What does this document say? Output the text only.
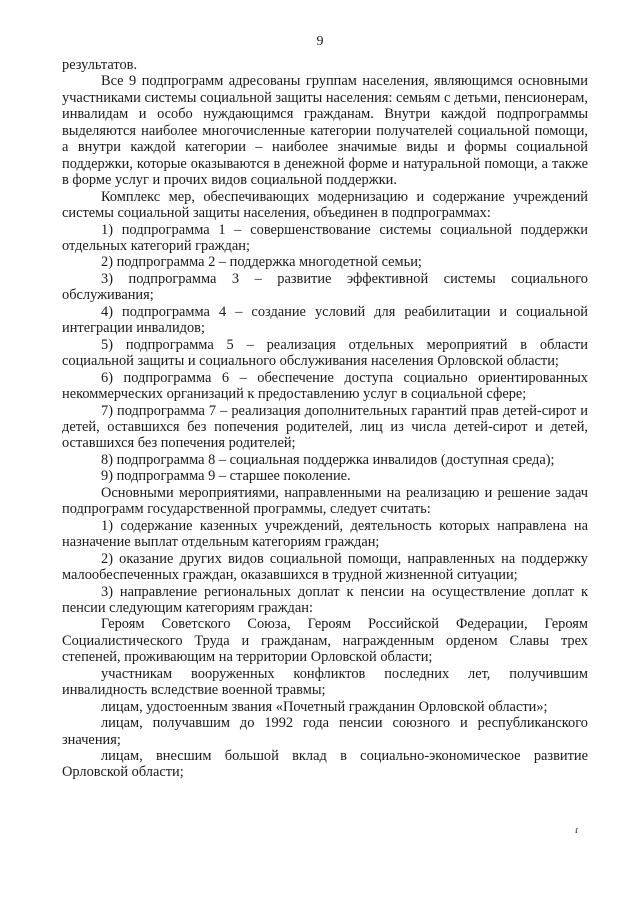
9

результатов.

Все 9 подпрограмм адресованы группам населения, являющимся основными участниками системы социальной защиты населения: семьям с детьми, пенсионерам, инвалидам и особо нуждающимся гражданам. Внутри каждой подпрограммы выделяются наиболее многочисленные категории получателей социальной помощи, а внутри каждой категории – наиболее значимые виды и формы социальной поддержки, которые оказываются в денежной форме и натуральной помощи, а также в форме услуг и прочих видов социальной поддержки.

Комплекс мер, обеспечивающих модернизацию и содержание учреждений системы социальной защиты населения, объединен в подпрограммах:

1) подпрограмма 1 – совершенствование системы социальной поддержки отдельных категорий граждан;

2) подпрограмма 2 – поддержка многодетной семьи;

3) подпрограмма 3 – развитие эффективной системы социального обслуживания;

4) подпрограмма 4 – создание условий для реабилитации и социальной интеграции инвалидов;

5) подпрограмма 5 – реализация отдельных мероприятий в области социальной защиты и социального обслуживания населения Орловской области;

6) подпрограмма 6 – обеспечение доступа социально ориентированных некоммерческих организаций к предоставлению услуг в социальной сфере;

7) подпрограмма 7 – реализация дополнительных гарантий прав детей-сирот и детей, оставшихся без попечения родителей, лиц из числа детей-сирот и детей, оставшихся без попечения родителей;

8) подпрограмма 8 – социальная поддержка инвалидов (доступная среда);

9) подпрограмма 9 – старшее поколение.

Основными мероприятиями, направленными на реализацию и решение задач подпрограмм государственной программы, следует считать:

1) содержание казенных учреждений, деятельность которых направлена на назначение выплат отдельным категориям граждан;

2) оказание других видов социальной помощи, направленных на поддержку малообеспеченных граждан, оказавшихся в трудной жизненной ситуации;

3) направление региональных доплат к пенсии на осуществление доплат к пенсии следующим категориям граждан:

Героям Советского Союза, Героям Российской Федерации, Героям Социалистического Труда и гражданам, награжденным орденом Славы трех степеней, проживающим на территории Орловской области;

участникам вооруженных конфликтов последних лет, получившим инвалидность вследствие военной травмы;

лицам, удостоенным звания «Почетный гражданин Орловской области»;

лицам, получавшим до 1992 года пенсии союзного и республиканского значения;

лицам, внесшим большой вклад в социально-экономическое развитие Орловской области;

ɾ
